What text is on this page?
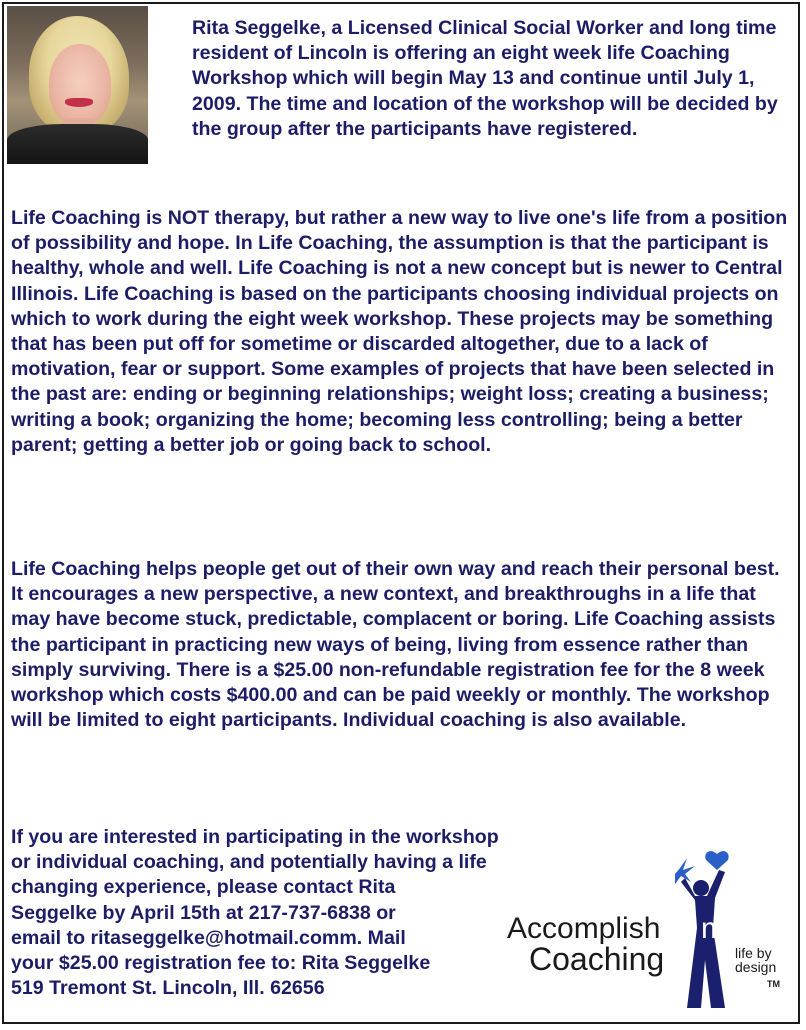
Rita Seggelke, a Licensed Clinical Social Worker and long time resident of Lincoln is offering an eight week life Coaching Workshop which will begin May 13 and continue until July 1, 2009. The time and location of the workshop will be decided by the group after the participants have registered.

Life Coaching is NOT therapy, but rather a new way to live one's life from a position of possibility and hope. In Life Coaching, the assumption is that the participant is healthy, whole and well. Life Coaching is not a new concept but is newer to Central Illinois. Life Coaching is based on the participants choosing individual projects on which to work during the eight week workshop. These projects may be something that has been put off for sometime or discarded altogether, due to a lack of motivation, fear or support. Some examples of projects that have been selected in the past are: ending or beginning relationships; weight loss; creating a business; writing a book; organizing the home; becoming less controlling; being a better parent; getting a better job or going back to school.

Life Coaching helps people get out of their own way and reach their personal best. It encourages a new perspective, a new context, and breakthroughs in a life that may have become stuck, predictable, complacent or boring. Life Coaching assists the participant in practicing new ways of being, living from essence rather than simply surviving. There is a $25.00 non-refundable registration fee for the 8 week workshop which costs $400.00 and can be paid weekly or monthly. The workshop will be limited to eight participants. Individual coaching is also available.

If you are interested in participating in the workshop
or individual coaching, and potentially having a life
changing experience, please contact Rita
Seggelke by April 15th at 217-737-6838 or
email to ritaseggelke@hotmail.comm. Mail
your $25.00 registration fee to: Rita Seggelke
519 Tremont St. Lincoln, Ill. 62656
Accomplish ment
Coaching	life by
design
TM
